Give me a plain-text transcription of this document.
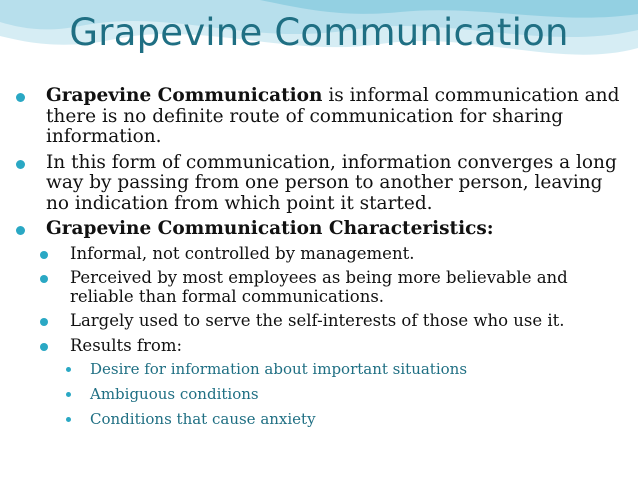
Grapevine Communication
Grapevine Communication is informal communication and there is no definite route of communication for sharing information.
In this form of communication, information converges a long way by passing from one person to another person, leaving no indication from which point it started.
Grapevine Communication Characteristics:
Informal, not controlled by management.
Perceived by most employees as being more believable and reliable than formal communications.
Largely used to serve the self-interests of those who use it.
Results from:
Desire for information about important situations
Ambiguous conditions
Conditions that cause anxiety
